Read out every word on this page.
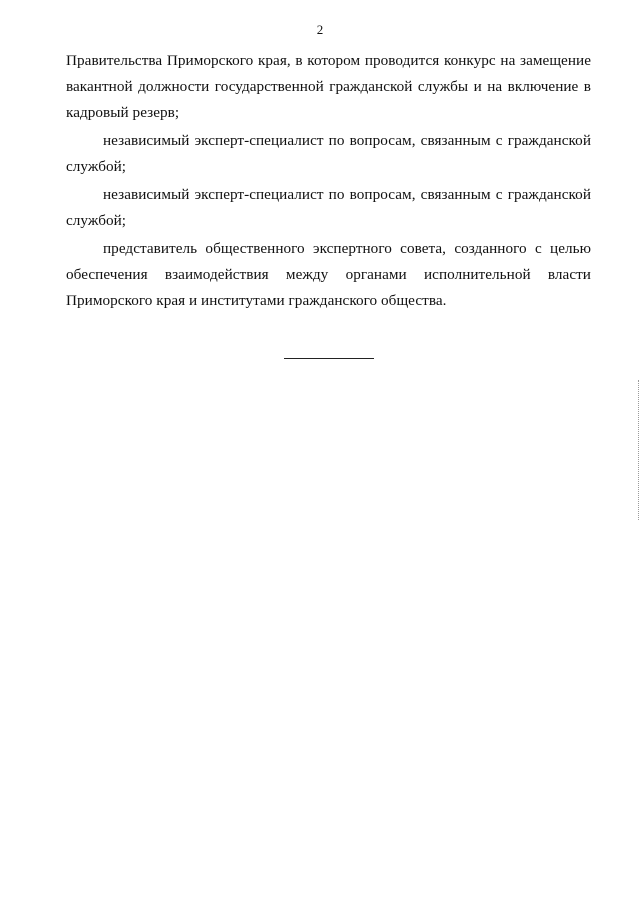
2

Правительства Приморского края, в котором проводится конкурс на замещение вакантной должности государственной гражданской службы и на включение в кадровый резерв;

независимый эксперт-специалист по вопросам, связанным с гражданской службой;

независимый эксперт-специалист по вопросам, связанным с гражданской службой;

представитель общественного экспертного совета, созданного с целью обеспечения взаимодействия между органами исполнительной власти Приморского края и институтами гражданского общества.
